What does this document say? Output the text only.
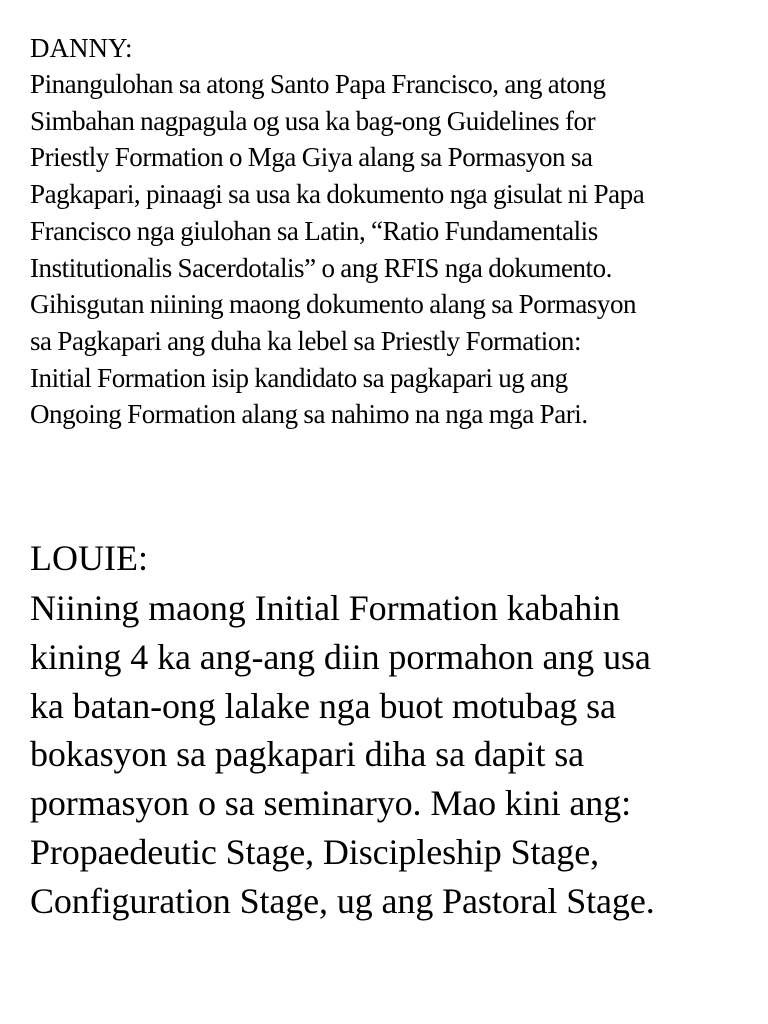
DANNY:

Pinangulohan sa atong Santo Papa Francisco, ang atong
Simbahan nagpagula og usa ka bag-ong Guidelines for
Priestly Formation o Mga Giya alang sa Pormasyon sa
Pagkapari, pinaagi sa usa ka dokumento nga gisulat ni Papa
Francisco nga giulohan sa Latin, “Ratio Fundamentalis
Institutionalis Sacerdotalis” o ang RFIS nga dokumento.
Gihisgutan niining maong dokumento alang sa Pormasyon
sa Pagkapari ang duha ka lebel sa Priestly Formation:
Initial Formation isip kandidato sa pagkapari ug ang
Ongoing Formation alang sa nahimo na nga mga Pari.

LOUIE:

Niining maong Initial Formation kabahin
kining 4 ka ang-ang diin pormahon ang usa
ka batan-ong lalake nga buot motubag sa
bokasyon sa pagkapari diha sa dapit sa
pormasyon o sa seminaryo. Mao kini ang:
Propaedeutic Stage, Discipleship Stage,
Configuration Stage, ug ang Pastoral Stage.
